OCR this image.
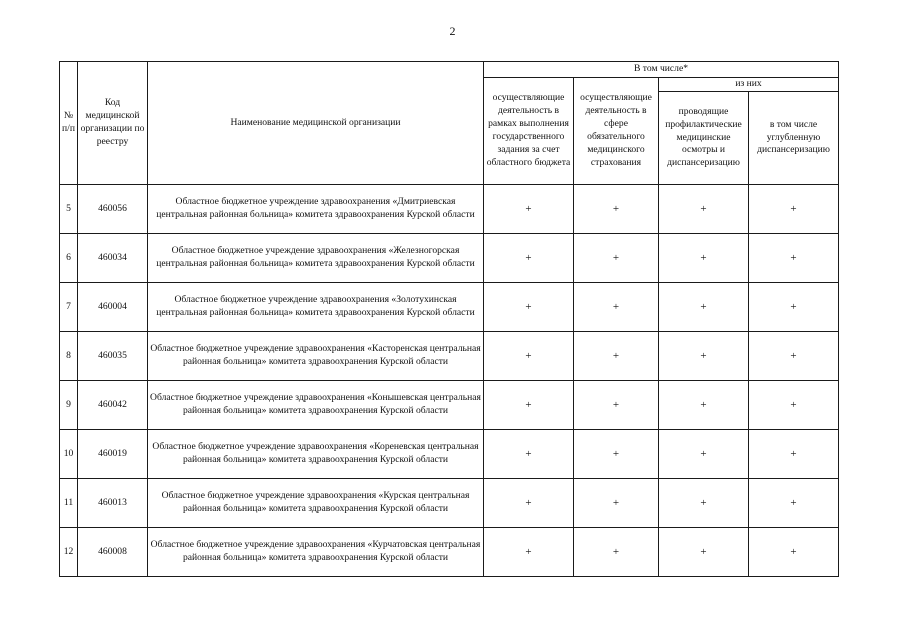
2
№ п/п	Код медицинской организации по реестру	Наименование медицинской организации	В том числе*			
			осуществляющие деятельность в рамках выполнения государственного задания за счет областного бюджета	осуществляющие деятельность в сфере обязательного медицинского страхования	из них	
					проводящие профилактические медицинские осмотры и диспансеризацию	в том числе углубленную диспансеризацию
5	460056	Областное бюджетное учреждение здравоохранения «Дмитриевская центральная районная больница» комитета здравоохранения Курской области	+	+	+	+
6	460034	Областное бюджетное учреждение здравоохранения «Железногорская центральная районная больница» комитета здравоохранения Курской области	+	+	+	+
7	460004	Областное бюджетное учреждение здравоохранения «Золотухинская центральная районная больница» комитета здравоохранения Курской области	+	+	+	+
8	460035	Областное бюджетное учреждение здравоохранения «Касторенская центральная районная больница» комитета здравоохранения Курской области	+	+	+	+
9	460042	Областное бюджетное учреждение здравоохранения «Конышевская центральная районная больница» комитета здравоохранения Курской области	+	+	+	+
10	460019	Областное бюджетное учреждение здравоохранения «Кореневская центральная районная больница» комитета здравоохранения Курской области	+	+	+	+
11	460013	Областное бюджетное учреждение здравоохранения «Курская центральная районная больница» комитета здравоохранения Курской области	+	+	+	+
12	460008	Областное бюджетное учреждение здравоохранения «Курчатовская центральная районная больница» комитета здравоохранения Курской области	+	+	+	+
